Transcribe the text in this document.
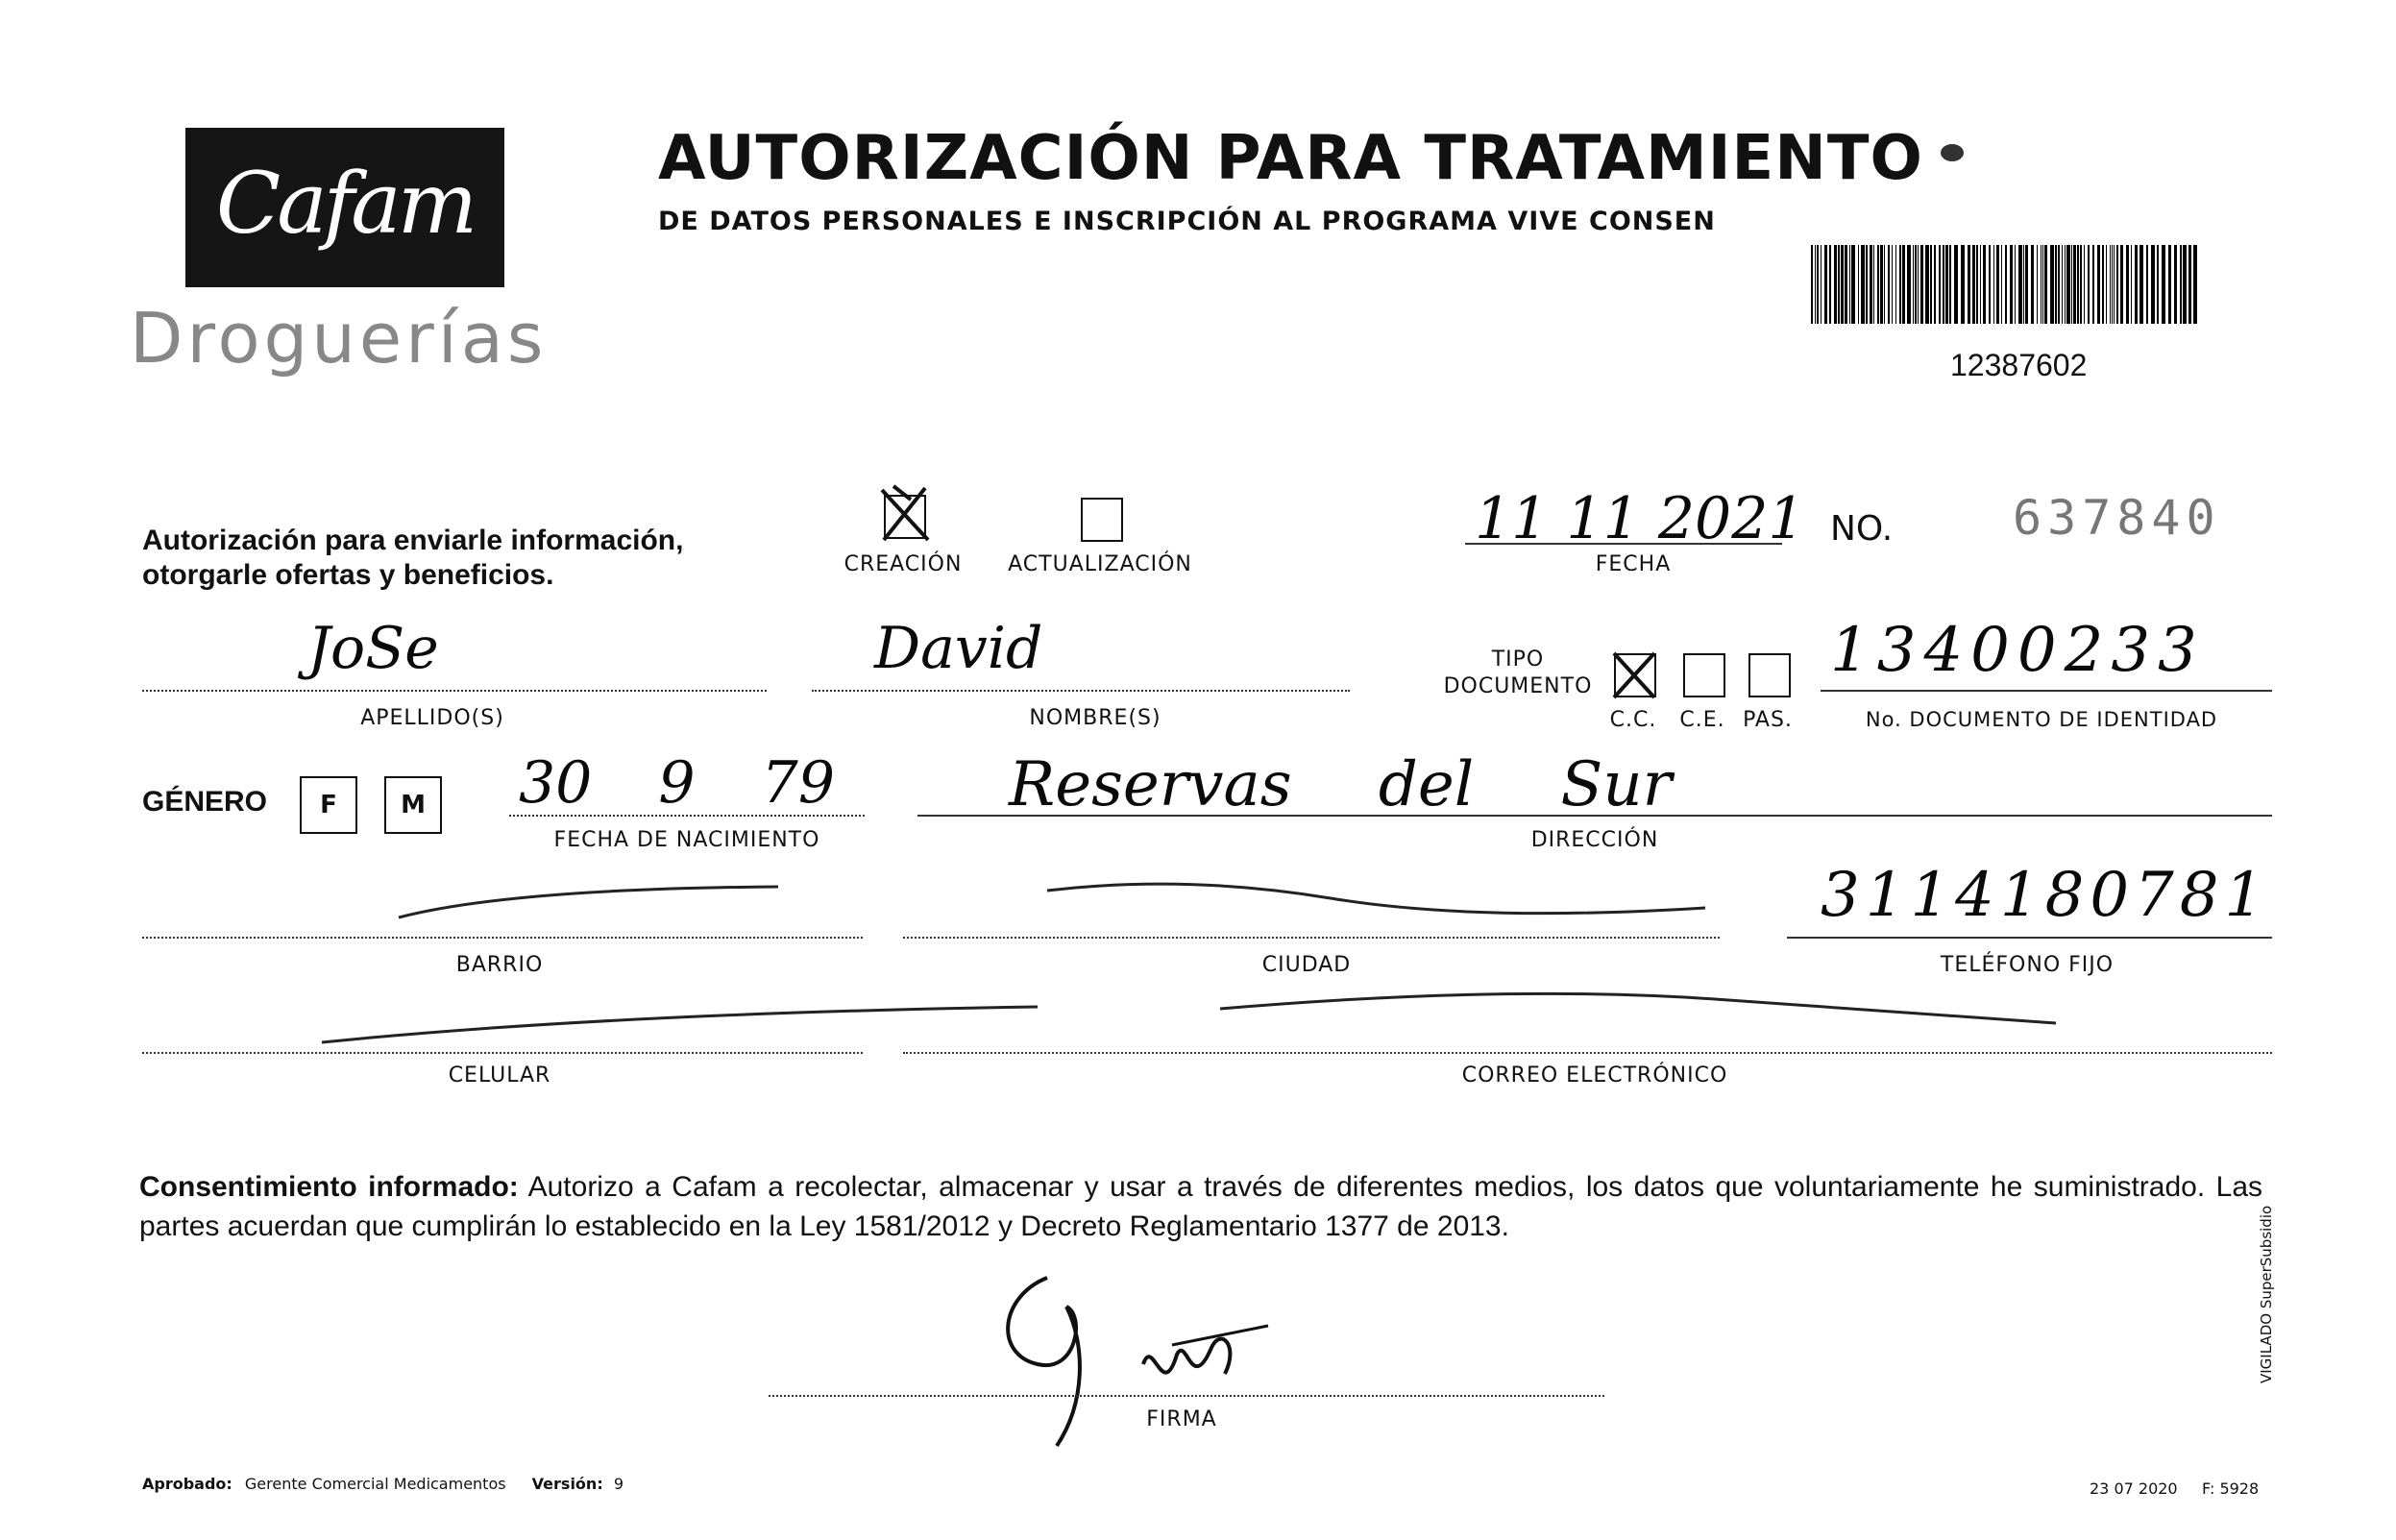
Cafam
Droguerías
AUTORIZACIÓN PARA TRATAMIENTO
DE DATOS PERSONALES E INSCRIPCIÓN AL PROGRAMA VIVE CONSEN
12387602
Autorización para enviarle información,
otorgarle ofertas y beneficios.	CREACIÓN	ACTUALIZACIÓN
11 11 2021
FECHA
NO. 637840
JoSe
APELLIDO(S)
David
NOMBRE(S)
TIPO
DOCUMENTO
C.C. C.E. PAS.
13400233
No. DOCUMENTO DE IDENTIDAD
GÉNERO	F	M 30 9 79
FECHA DE NACIMIENTO
Reservas del Sur
DIRECCIÓN
BARRIO	CIUDAD
3114180781
TELÉFONO FIJO
CELULAR	CORREO ELECTRÓNICO
Consentimiento informado: Autorizo a Cafam a recolectar, almacenar y usar a través de diferentes medios, los datos que voluntariamente he suministrado. Las partes acuerdan que cumplirán lo establecido en la Ley 1581/2012 y Decreto Reglamentario 1377 de 2013.
FIRMA
Aprobado: Gerente Comercial Medicamentos Versión: 9	23 07 2020 F: 5928
VIGILADO SuperSubsidio
